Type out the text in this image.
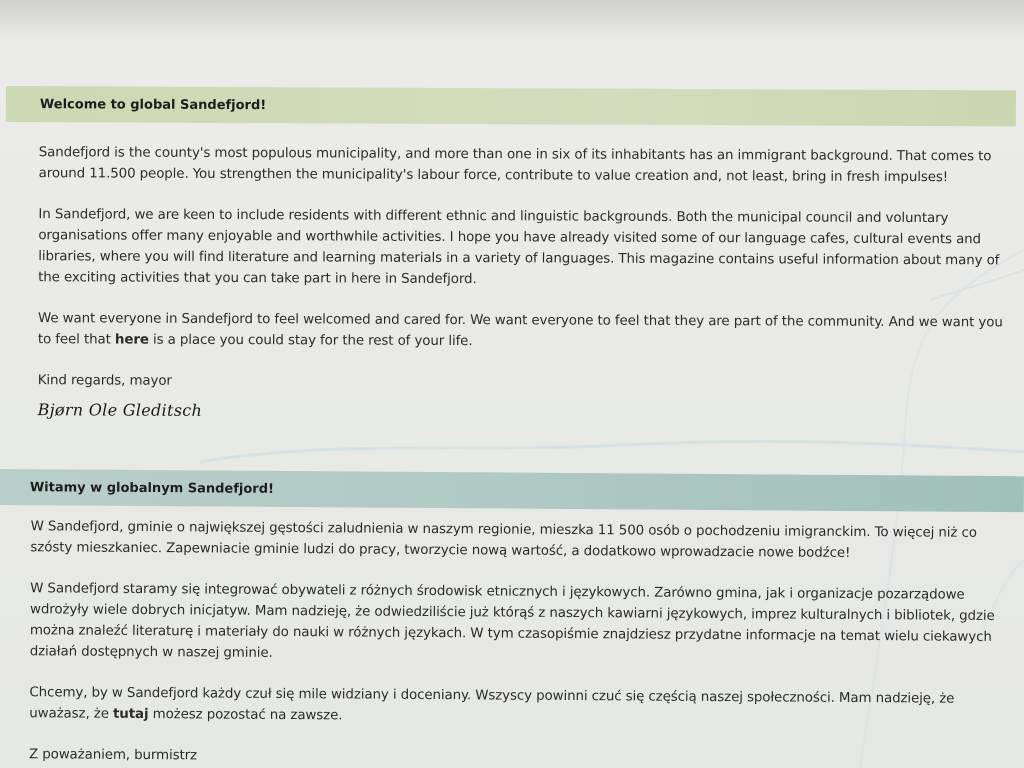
Welcome to global Sandefjord!

Sandefjord is the county's most populous municipality, and more than one in six of its inhabitants has an immigrant background. That comes to around 11.500 people. You strengthen the municipality's labour force, contribute to value creation and, not least, bring in fresh impulses!

In Sandefjord, we are keen to include residents with different ethnic and linguistic backgrounds. Both the municipal council and voluntary organisations offer many enjoyable and worthwhile activities. I hope you have already visited some of our language cafes, cultural events and libraries, where you will find literature and learning materials in a variety of languages. This magazine contains useful information about many of the exciting activities that you can take part in here in Sandefjord.

We want everyone in Sandefjord to feel welcomed and cared for. We want everyone to feel that they are part of the community. And we want you to feel that here is a place you could stay for the rest of your life.

Kind regards, mayor

Bjørn Ole Gleditsch
Witamy w globalnym Sandefjord!

W Sandefjord, gminie o największej gęstości zaludnienia w naszym regionie, mieszka 11 500 osób o pochodzeniu imigranckim. To więcej niż co szósty mieszkaniec. Zapewniacie gminie ludzi do pracy, tworzycie nową wartość, a dodatkowo wprowadzacie nowe bodźce!

W Sandefjord staramy się integrować obywateli z różnych środowisk etnicznych i językowych. Zarówno gmina, jak i organizacje pozarządowe wdrożyły wiele dobrych inicjatyw. Mam nadzieję, że odwiedziliście już którąś z naszych kawiarni językowych, imprez kulturalnych i bibliotek, gdzie można znaleźć literaturę i materiały do nauki w różnych językach. W tym czasopiśmie znajdziesz przydatne informacje na temat wielu ciekawych działań dostępnych w naszej gminie.

Chcemy, by w Sandefjord każdy czuł się mile widziany i doceniany. Wszyscy powinni czuć się częścią naszej społeczności. Mam nadzieję, że uważasz, że tutaj możesz pozostać na zawsze.

Z poważaniem, burmistrz
